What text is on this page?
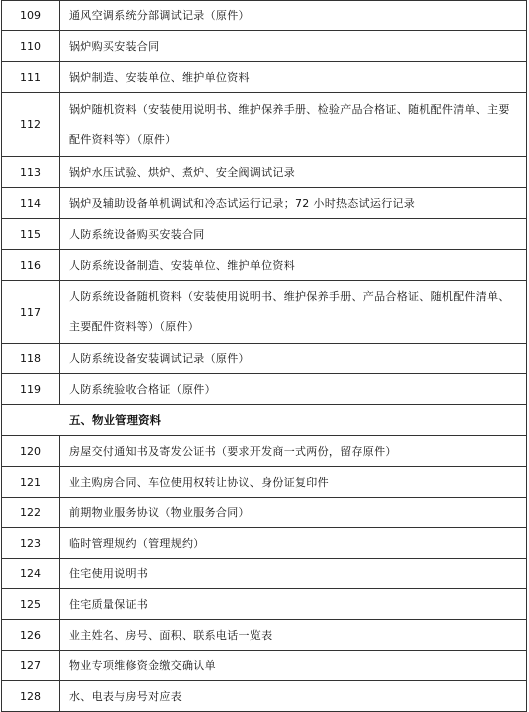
109	通风空调系统分部调试记录（原件）
110	锅炉购买安装合同
111	锅炉制造、安装单位、维护单位资料
112	锅炉随机资料（安装使用说明书、维护保养手册、检验产品合格证、随机配件清单、主要配件资料等）（原件）
113	锅炉水压试验、烘炉、煮炉、安全阀调试记录
114	锅炉及辅助设备单机调试和冷态试运行记录；72 小时热态试运行记录
115	人防系统设备购买安装合同
116	人防系统设备制造、安装单位、维护单位资料
117	人防系统设备随机资料（安装使用说明书、维护保养手册、产品合格证、随机配件清单、主要配件资料等）（原件）
118	人防系统设备安装调试记录（原件）
119	人防系统验收合格证（原件）
五、物业管理资料	
120	房屋交付通知书及寄发公证书（要求开发商一式两份，留存原件）
121	业主购房合同、车位使用权转让协议、身份证复印件
122	前期物业服务协议（物业服务合同）
123	临时管理规约（管理规约）
124	住宅使用说明书
125	住宅质量保证书
126	业主姓名、房号、面积、联系电话一览表
127	物业专项维修资金缴交确认单
128	水、电表与房号对应表
